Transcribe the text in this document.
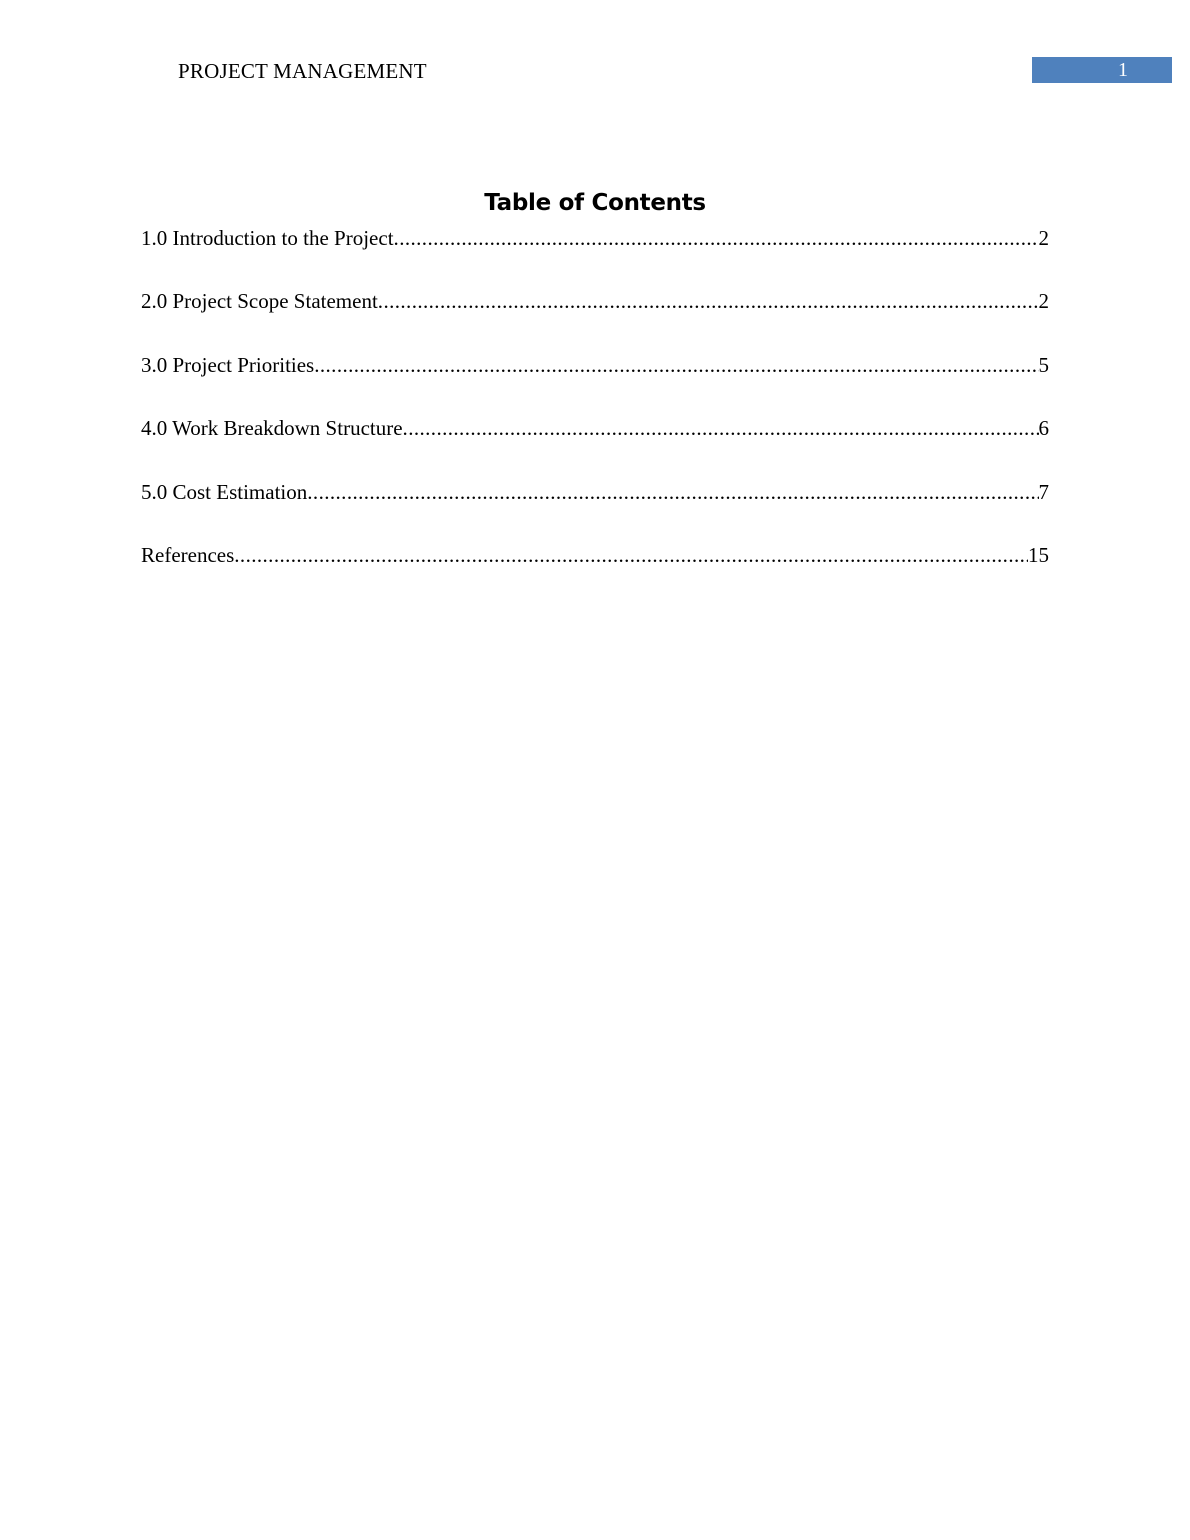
PROJECT MANAGEMENT	1
Table of Contents
1.0 Introduction to the Project .....	2
2.0 Project Scope Statement .....	2
3.0 Project Priorities .....	5
4.0 Work Breakdown Structure .....	6
5.0 Cost Estimation .....	7
References .....	15
